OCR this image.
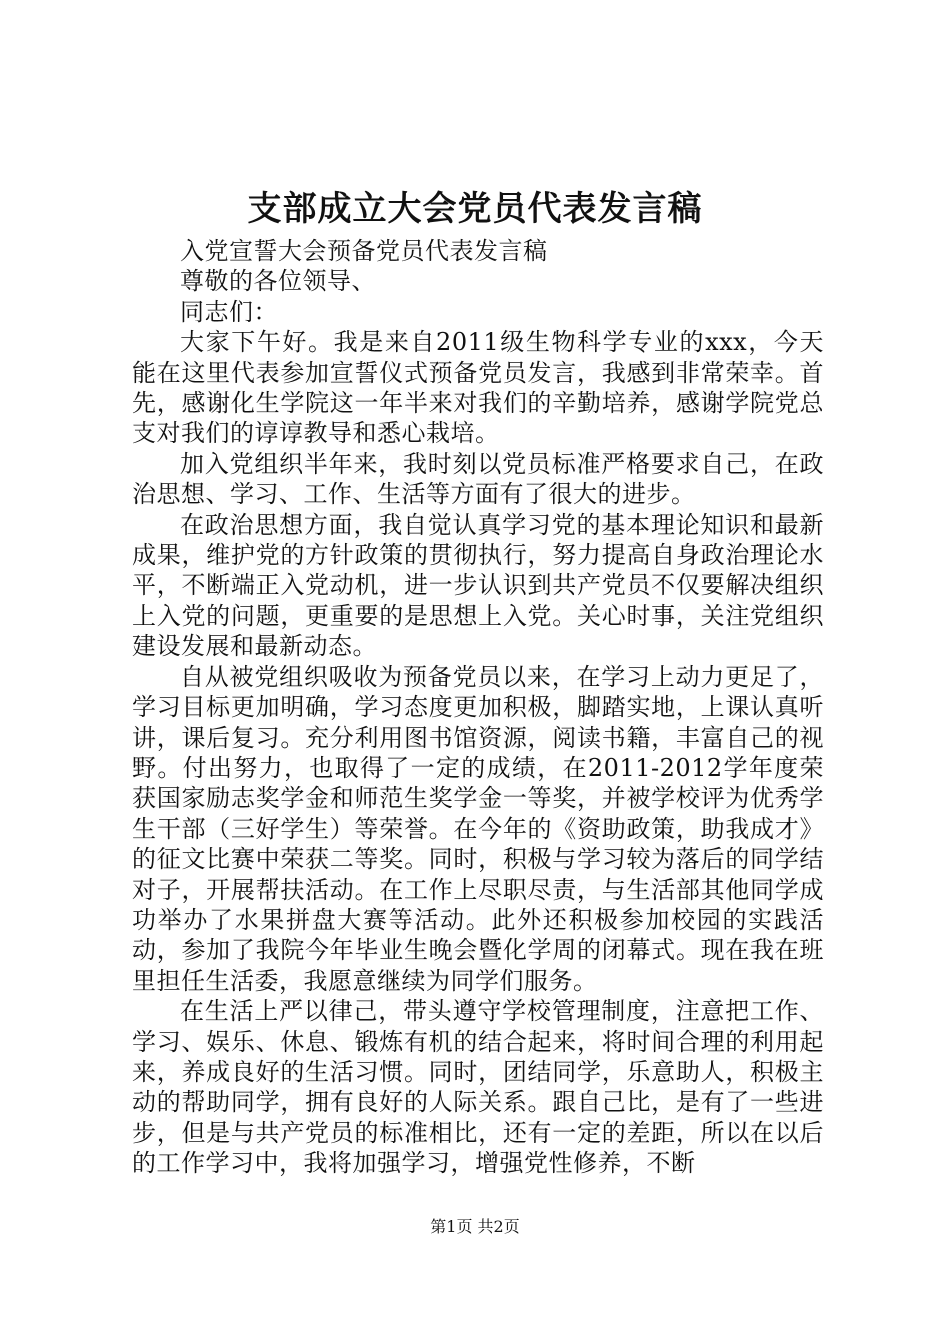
支部成立大会党员代表发言稿

入党宣誓大会预备党员代表发言稿

尊敬的各位领导、

同志们：

大家下午好。我是来自2011级生物科学专业的xxx，今天能在这里代表参加宣誓仪式预备党员发言，我感到非常荣幸。首先，感谢化生学院这一年半来对我们的辛勤培养，感谢学院党总支对我们的谆谆教导和悉心栽培。

加入党组织半年来，我时刻以党员标准严格要求自己，在政治思想、学习、工作、生活等方面有了很大的进步。

在政治思想方面，我自觉认真学习党的基本理论知识和最新成果，维护党的方针政策的贯彻执行，努力提高自身政治理论水平，不断端正入党动机，进一步认识到共产党员不仅要解决组织上入党的问题，更重要的是思想上入党。关心时事，关注党组织建设发展和最新动态。

自从被党组织吸收为预备党员以来，在学习上动力更足了，学习目标更加明确，学习态度更加积极，脚踏实地，上课认真听讲，课后复习。充分利用图书馆资源，阅读书籍，丰富自己的视野。付出努力，也取得了一定的成绩，在2011-2012学年度荣获国家励志奖学金和师范生奖学金一等奖，并被学校评为优秀学生干部（三好学生）等荣誉。在今年的《资助政策，助我成才》的征文比赛中荣获二等奖。同时，积极与学习较为落后的同学结对子，开展帮扶活动。在工作上尽职尽责，与生活部其他同学成功举办了水果拼盘大赛等活动。此外还积极参加校园的实践活动，参加了我院今年毕业生晚会暨化学周的闭幕式。现在我在班里担任生活委，我愿意继续为同学们服务。

在生活上严以律己，带头遵守学校管理制度，注意把工作、学习、娱乐、休息、锻炼有机的结合起来，将时间合理的利用起来，养成良好的生活习惯。同时，团结同学，乐意助人，积极主动的帮助同学，拥有良好的人际关系。跟自己比，是有了一些进步，但是与共产党员的标准相比，还有一定的差距，所以在以后的工作学习中，我将加强学习，增强党性修养，不断

第1页 共2页
